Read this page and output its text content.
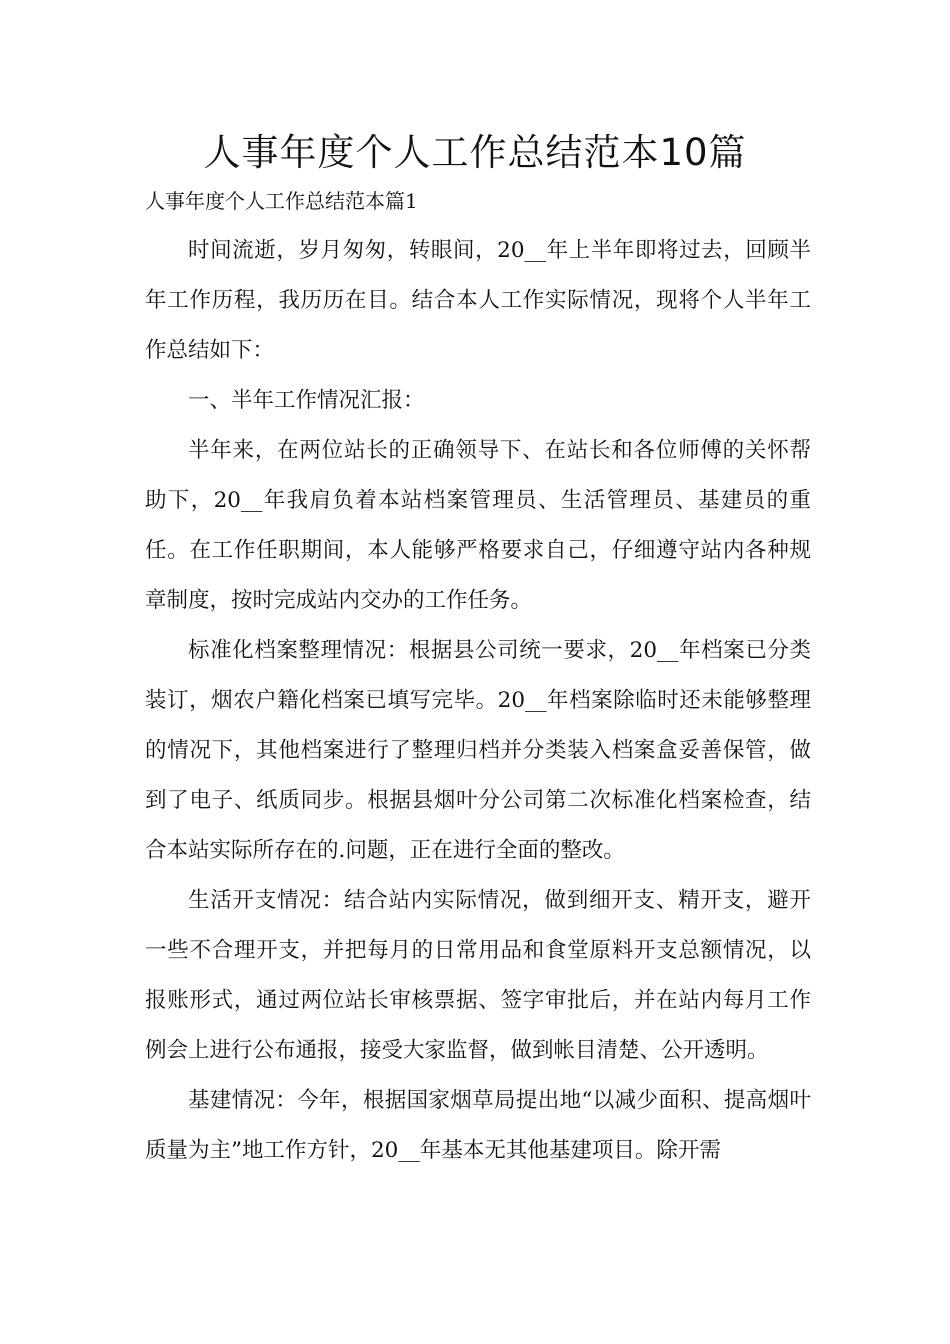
人事年度个人工作总结范本10篇
人事年度个人工作总结范本篇1

时间流逝，岁月匆匆，转眼间，20__年上半年即将过去，回顾半年工作历程，我历历在目。结合本人工作实际情况，现将个人半年工作总结如下：

一、半年工作情况汇报：

半年来，在两位站长的正确领导下、在站长和各位师傅的关怀帮助下，20__年我肩负着本站档案管理员、生活管理员、基建员的重任。在工作任职期间，本人能够严格要求自己，仔细遵守站内各种规章制度，按时完成站内交办的工作任务。

标准化档案整理情况：根据县公司统一要求，20__年档案已分类装订，烟农户籍化档案已填写完毕。20__年档案除临时还未能够整理的情况下，其他档案进行了整理归档并分类装入档案盒妥善保管，做到了电子、纸质同步。根据县烟叶分公司第二次标准化档案检查，结合本站实际所存在的.问题，正在进行全面的整改。

生活开支情况：结合站内实际情况，做到细开支、精开支，避开一些不合理开支，并把每月的日常用品和食堂原料开支总额情况，以报账形式，通过两位站长审核票据、签字审批后，并在站内每月工作例会上进行公布通报，接受大家监督，做到帐目清楚、公开透明。

基建情况：今年，根据国家烟草局提出地“以减少面积、提高烟叶质量为主”地工作方针，20__年基本无其他基建项目。除开需
